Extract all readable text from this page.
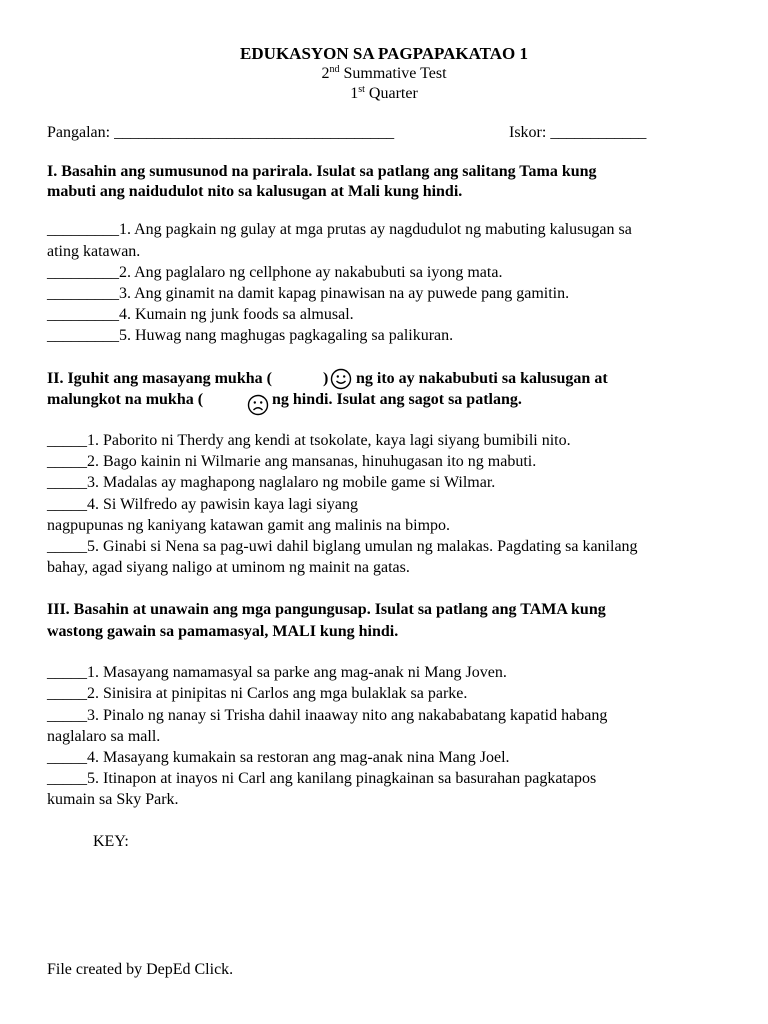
EDUKASYON SA PAGPAPAKATAO 1
2nd Summative Test
1st Quarter
Pangalan: ___________________________________	Iskor: ____________
I. Basahin ang sumusunod na parirala. Isulat sa patlang ang salitang Tama kung
mabuti ang naidudulot nito sa kalusugan at Mali kung hindi.
_________1. Ang pagkain ng gulay at mga prutas ay nagdudulot ng mabuting kalusugan sa
ating katawan.
_________2. Ang paglalaro ng cellphone ay nakabubuti sa iyong mata.
_________3. Ang ginamit na damit kapag pinawisan na ay puwede pang gamitin.
_________4. Kumain ng junk foods sa almusal.
_________5. Huwag nang maghugas pagkagaling sa palikuran.
II. Iguhit ang masayang mukha (	) ng ito ay nakabubuti sa kalusugan at
malungkot na mukha (	ng hindi. Isulat ang sagot sa patlang.
_____1. Paborito ni Therdy ang kendi at tsokolate, kaya lagi siyang bumibili nito.
_____2. Bago kainin ni Wilmarie ang mansanas, hinuhugasan ito ng mabuti.
_____3. Madalas ay maghapong naglalaro ng mobile game si Wilmar.
_____4. Si Wilfredo ay pawisin kaya lagi siyang
nagpupunas ng kaniyang katawan gamit ang malinis na bimpo.
_____5. Ginabi si Nena sa pag-uwi dahil biglang umulan ng malakas. Pagdating sa kanilang
bahay, agad siyang naligo at uminom ng mainit na gatas.
III. Basahin at unawain ang mga pangungusap. Isulat sa patlang ang TAMA kung
wastong gawain sa pamamasyal, MALI kung hindi.
_____1. Masayang namamasyal sa parke ang mag-anak ni Mang Joven.
_____2. Sinisira at pinipitas ni Carlos ang mga bulaklak sa parke.
_____3. Pinalo ng nanay si Trisha dahil inaaway nito ang nakababatang kapatid habang
naglalaro sa mall.
_____4. Masayang kumakain sa restoran ang mag-anak nina Mang Joel.
_____5. Itinapon at inayos ni Carl ang kanilang pinagkainan sa basurahan pagkatapos
kumain sa Sky Park.
KEY:
File created by DepEd Click.
